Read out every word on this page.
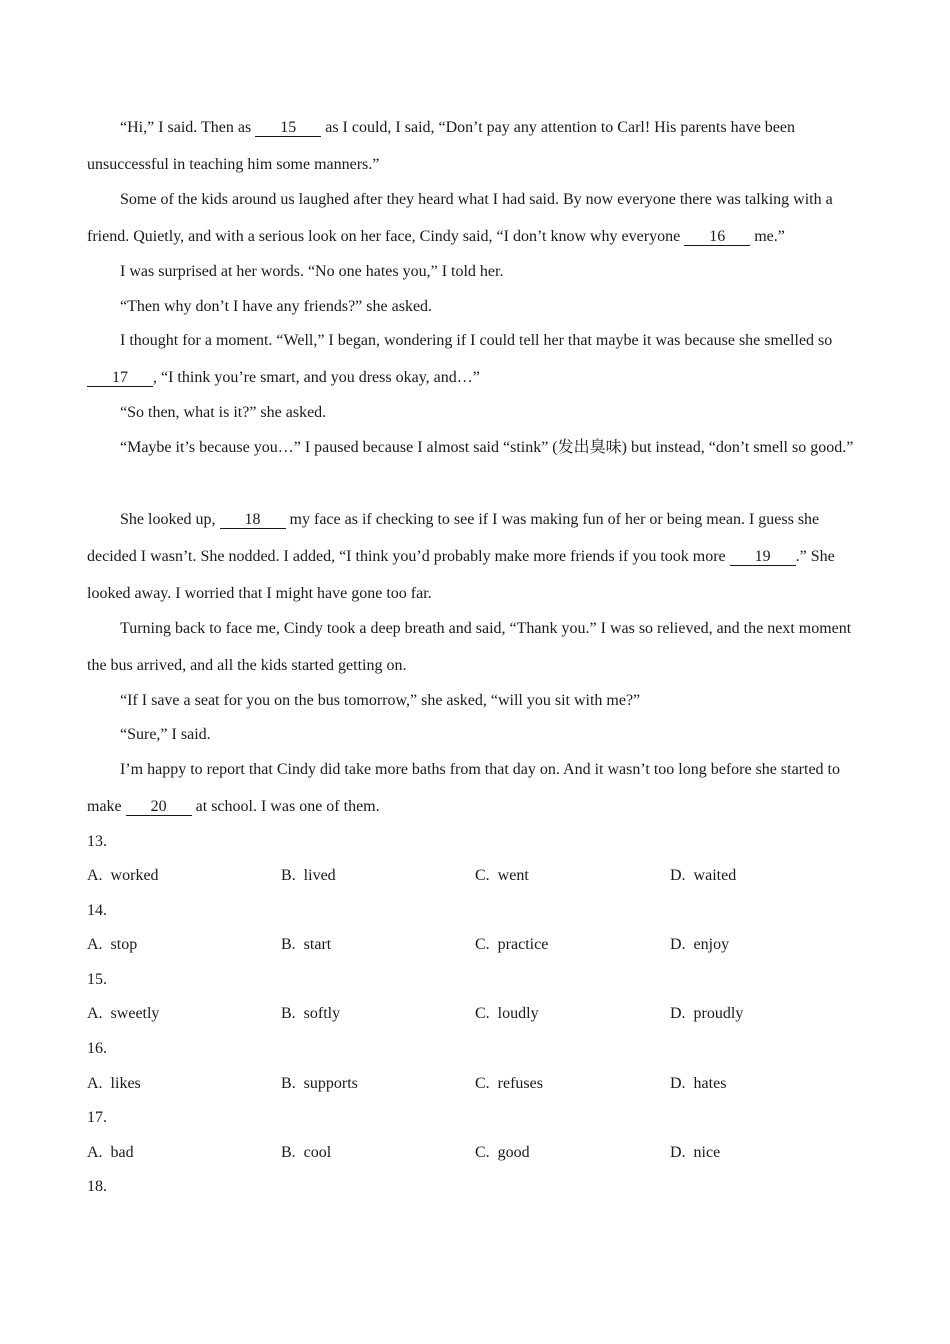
“Hi,” I said. Then as 15 as I could, I said, “Don’t pay any attention to Carl! His parents have been unsuccessful in teaching him some manners.”

Some of the kids around us laughed after they heard what I had said. By now everyone there was talking with a friend. Quietly, and with a serious look on her face, Cindy said, “I don’t know why everyone 16 me.”

I was surprised at her words. “No one hates you,” I told her.

“Then why don’t I have any friends?” she asked.

I thought for a moment. “Well,” I began, wondering if I could tell her that maybe it was because she smelled so 17 , “I think you’re smart, and you dress okay, and…”

“So then, what is it?” she asked.

“Maybe it’s because you…” I paused because I almost said “stink” (发出臭味) but instead, “don’t smell so good.”

She looked up, 18 my face as if checking to see if I was making fun of her or being mean. I guess she decided I wasn’t. She nodded. I added, “I think you’d probably make more friends if you took more 19 .” She looked away. I worried that I might have gone too far.

Turning back to face me, Cindy took a deep breath and said, “Thank you.” I was so relieved, and the next moment the bus arrived, and all the kids started getting on.

“If I save a seat for you on the bus tomorrow,” she asked, “will you sit with me?”

“Sure,” I said.

I’m happy to report that Cindy did take more baths from that day on. And it wasn’t too long before she started to make 20 at school. I was one of them.

13.
A.  worked	B.  lived	C.  went	D.  waited
14.
A.  stop	B.  start	C.  practice	D.  enjoy
15.
A.  sweetly	B.  softly	C.  loudly	D.  proudly
16.
A.  likes	B.  supports	C.  refuses	D.  hates
17.
A.  bad	B.  cool	C.  good	D.  nice
18.
